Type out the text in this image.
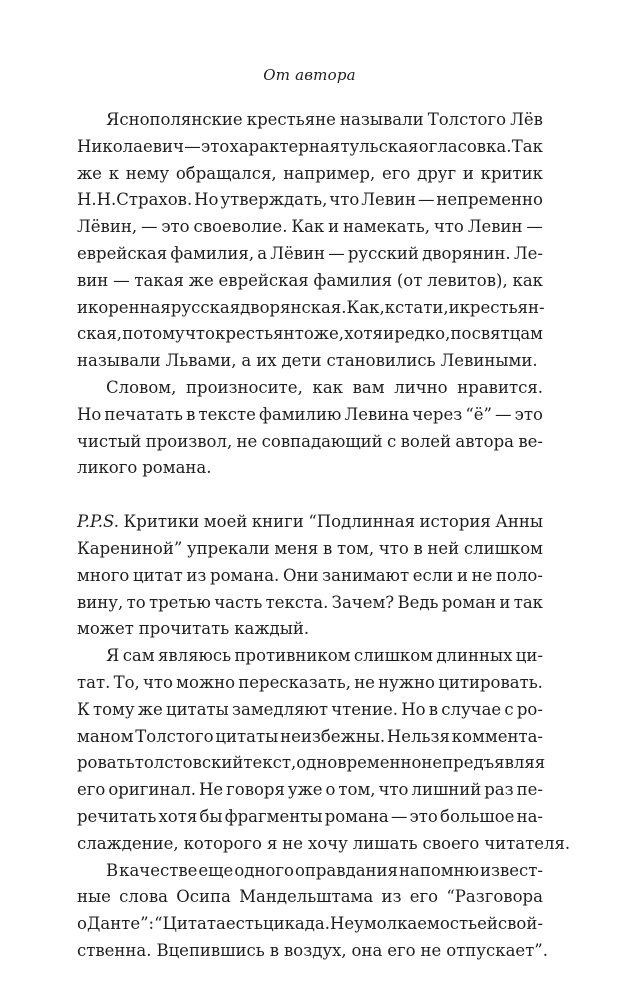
От автора
Яснополянские крестьяне называли Толстого Лёв
Николаевич — это характерная тульская огласовка. Так
же к нему обращался, например, его друг и критик
Н.Н.Страхов. Но утверждать, что Левин — непременно
Лёвин, — это своеволие. Как и намекать, что Левин —
еврейская фамилия, а Лёвин — русский дворянин. Ле-
вин — такая же еврейская фамилия (от левитов), как
и коренная русская дворянская. Как, кстати, и крестьян-
ская, потому что крестьян тоже, хотя и редко, по святцам
называли Львами, а их дети становились Левиными.
Словом, произносите, как вам лично нравится.
Но печатать в тексте фамилию Левина через “ё” — это
чистый произвол, не совпадающий с волей автора ве-
ликого романа.
P.P.S. Критики моей книги “Подлинная история Анны
Карениной” упрекали меня в том, что в ней слишком
много цитат из романа. Они занимают если и не поло-
вину, то третью часть текста. Зачем? Ведь роман и так
может прочитать каждый.
Я сам являюсь противником слишком длинных ци-
тат. То, что можно пересказать, не нужно цитировать.
К тому же цитаты замедляют чтение. Но в случае с ро-
маном Толстого цитаты неизбежны. Нельзя коммента-
ровать толстовский текст, одновременно не предъявляя
его оригинал. Не говоря уже о том, что лишний раз пе-
речитать хотя бы фрагменты романа — это большое на-
слаждение, которого я не хочу лишать своего читателя.
В качестве еще одного оправдания напомню извест-
ные слова Осипа Мандельштама из его “Разговора
о Данте”: “Цитата есть цикада. Неумолкаемость ей свой-
ственна. Вцепившись в воздух, она его не отпускает”.
